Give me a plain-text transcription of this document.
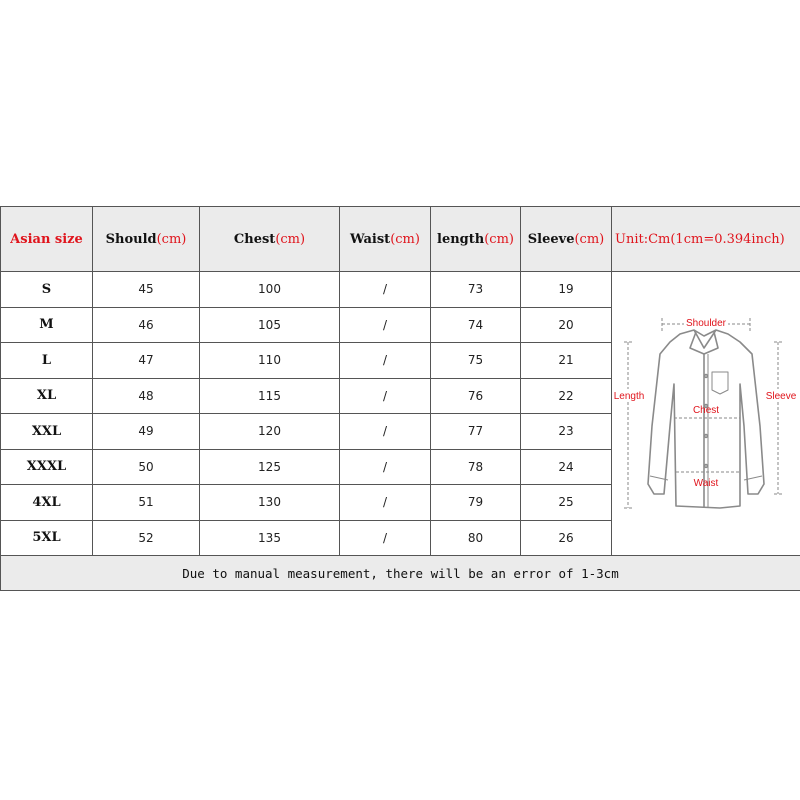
Asian size	Should(cm)	Chest(cm)	Waist(cm)	length(cm)	Sleeve(cm)	Unit:Cm(1cm=0.394inch)
S	45	100	/	73	19	Shoulder
Length Sleeve
Chest
Waist

M	46	105	/	74	20	
L	47	110	/	75	21	
XL	48	115	/	76	22	
XXL	49	120	/	77	23	
XXXL	50	125	/	78	24	
4XL	51	130	/	79	25	
5XL	52	135	/	80	26	
Due to manual measurement, there will be an error of 1-3cm						
